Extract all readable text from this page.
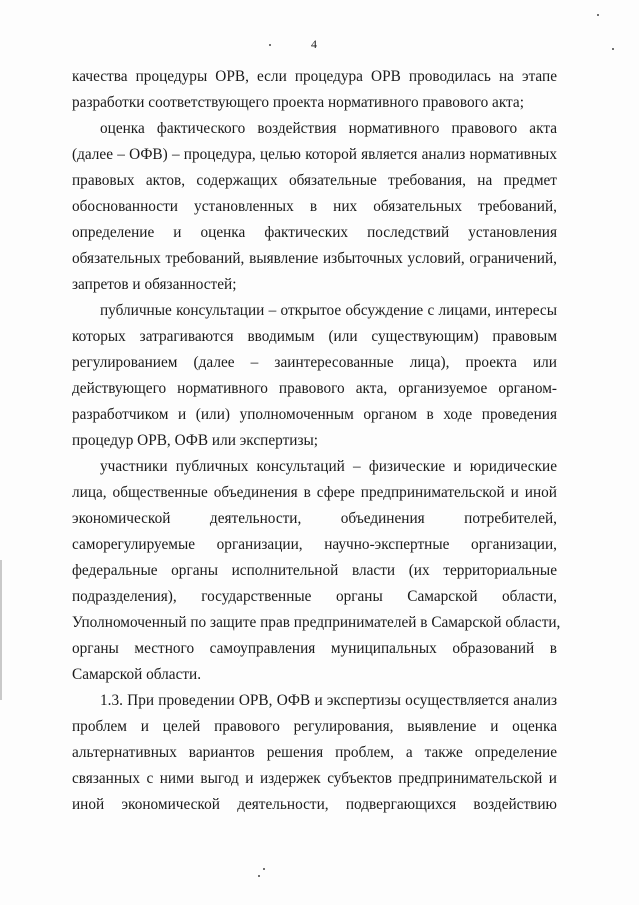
4
качества процедуры ОРВ, если процедура ОРВ проводилась на этапе
разработки соответствующего проекта нормативного правового акта;
оценка фактического воздействия нормативного правового акта
(далее – ОФВ) – процедура, целью которой является анализ нормативных
правовых актов, содержащих обязательные требования, на предмет
обоснованности установленных в них обязательных требований,
определение и оценка фактических последствий установления
обязательных требований, выявление избыточных условий, ограничений,
запретов и обязанностей;
публичные консультации – открытое обсуждение с лицами, интересы
которых затрагиваются вводимым (или существующим) правовым
регулированием (далее – заинтересованные лица), проекта или
действующего нормативного правового акта, организуемое органом-
разработчиком и (или) уполномоченным органом в ходе проведения
процедур ОРВ, ОФВ или экспертизы;
участники публичных консультаций – физические и юридические
лица, общественные объединения в сфере предпринимательской и иной
экономической деятельности, объединения потребителей,
саморегулируемые организации, научно-экспертные организации,
федеральные органы исполнительной власти (их территориальные
подразделения), государственные органы Самарской области,
Уполномоченный по защите прав предпринимателей в Самарской области,
органы местного самоуправления муниципальных образований в
Самарской области.
1.3. При проведении ОРВ, ОФВ и экспертизы осуществляется анализ
проблем и целей правового регулирования, выявление и оценка
альтернативных вариантов решения проблем, а также определение
связанных с ними выгод и издержек субъектов предпринимательской и
иной экономической деятельности, подвергающихся воздействию
